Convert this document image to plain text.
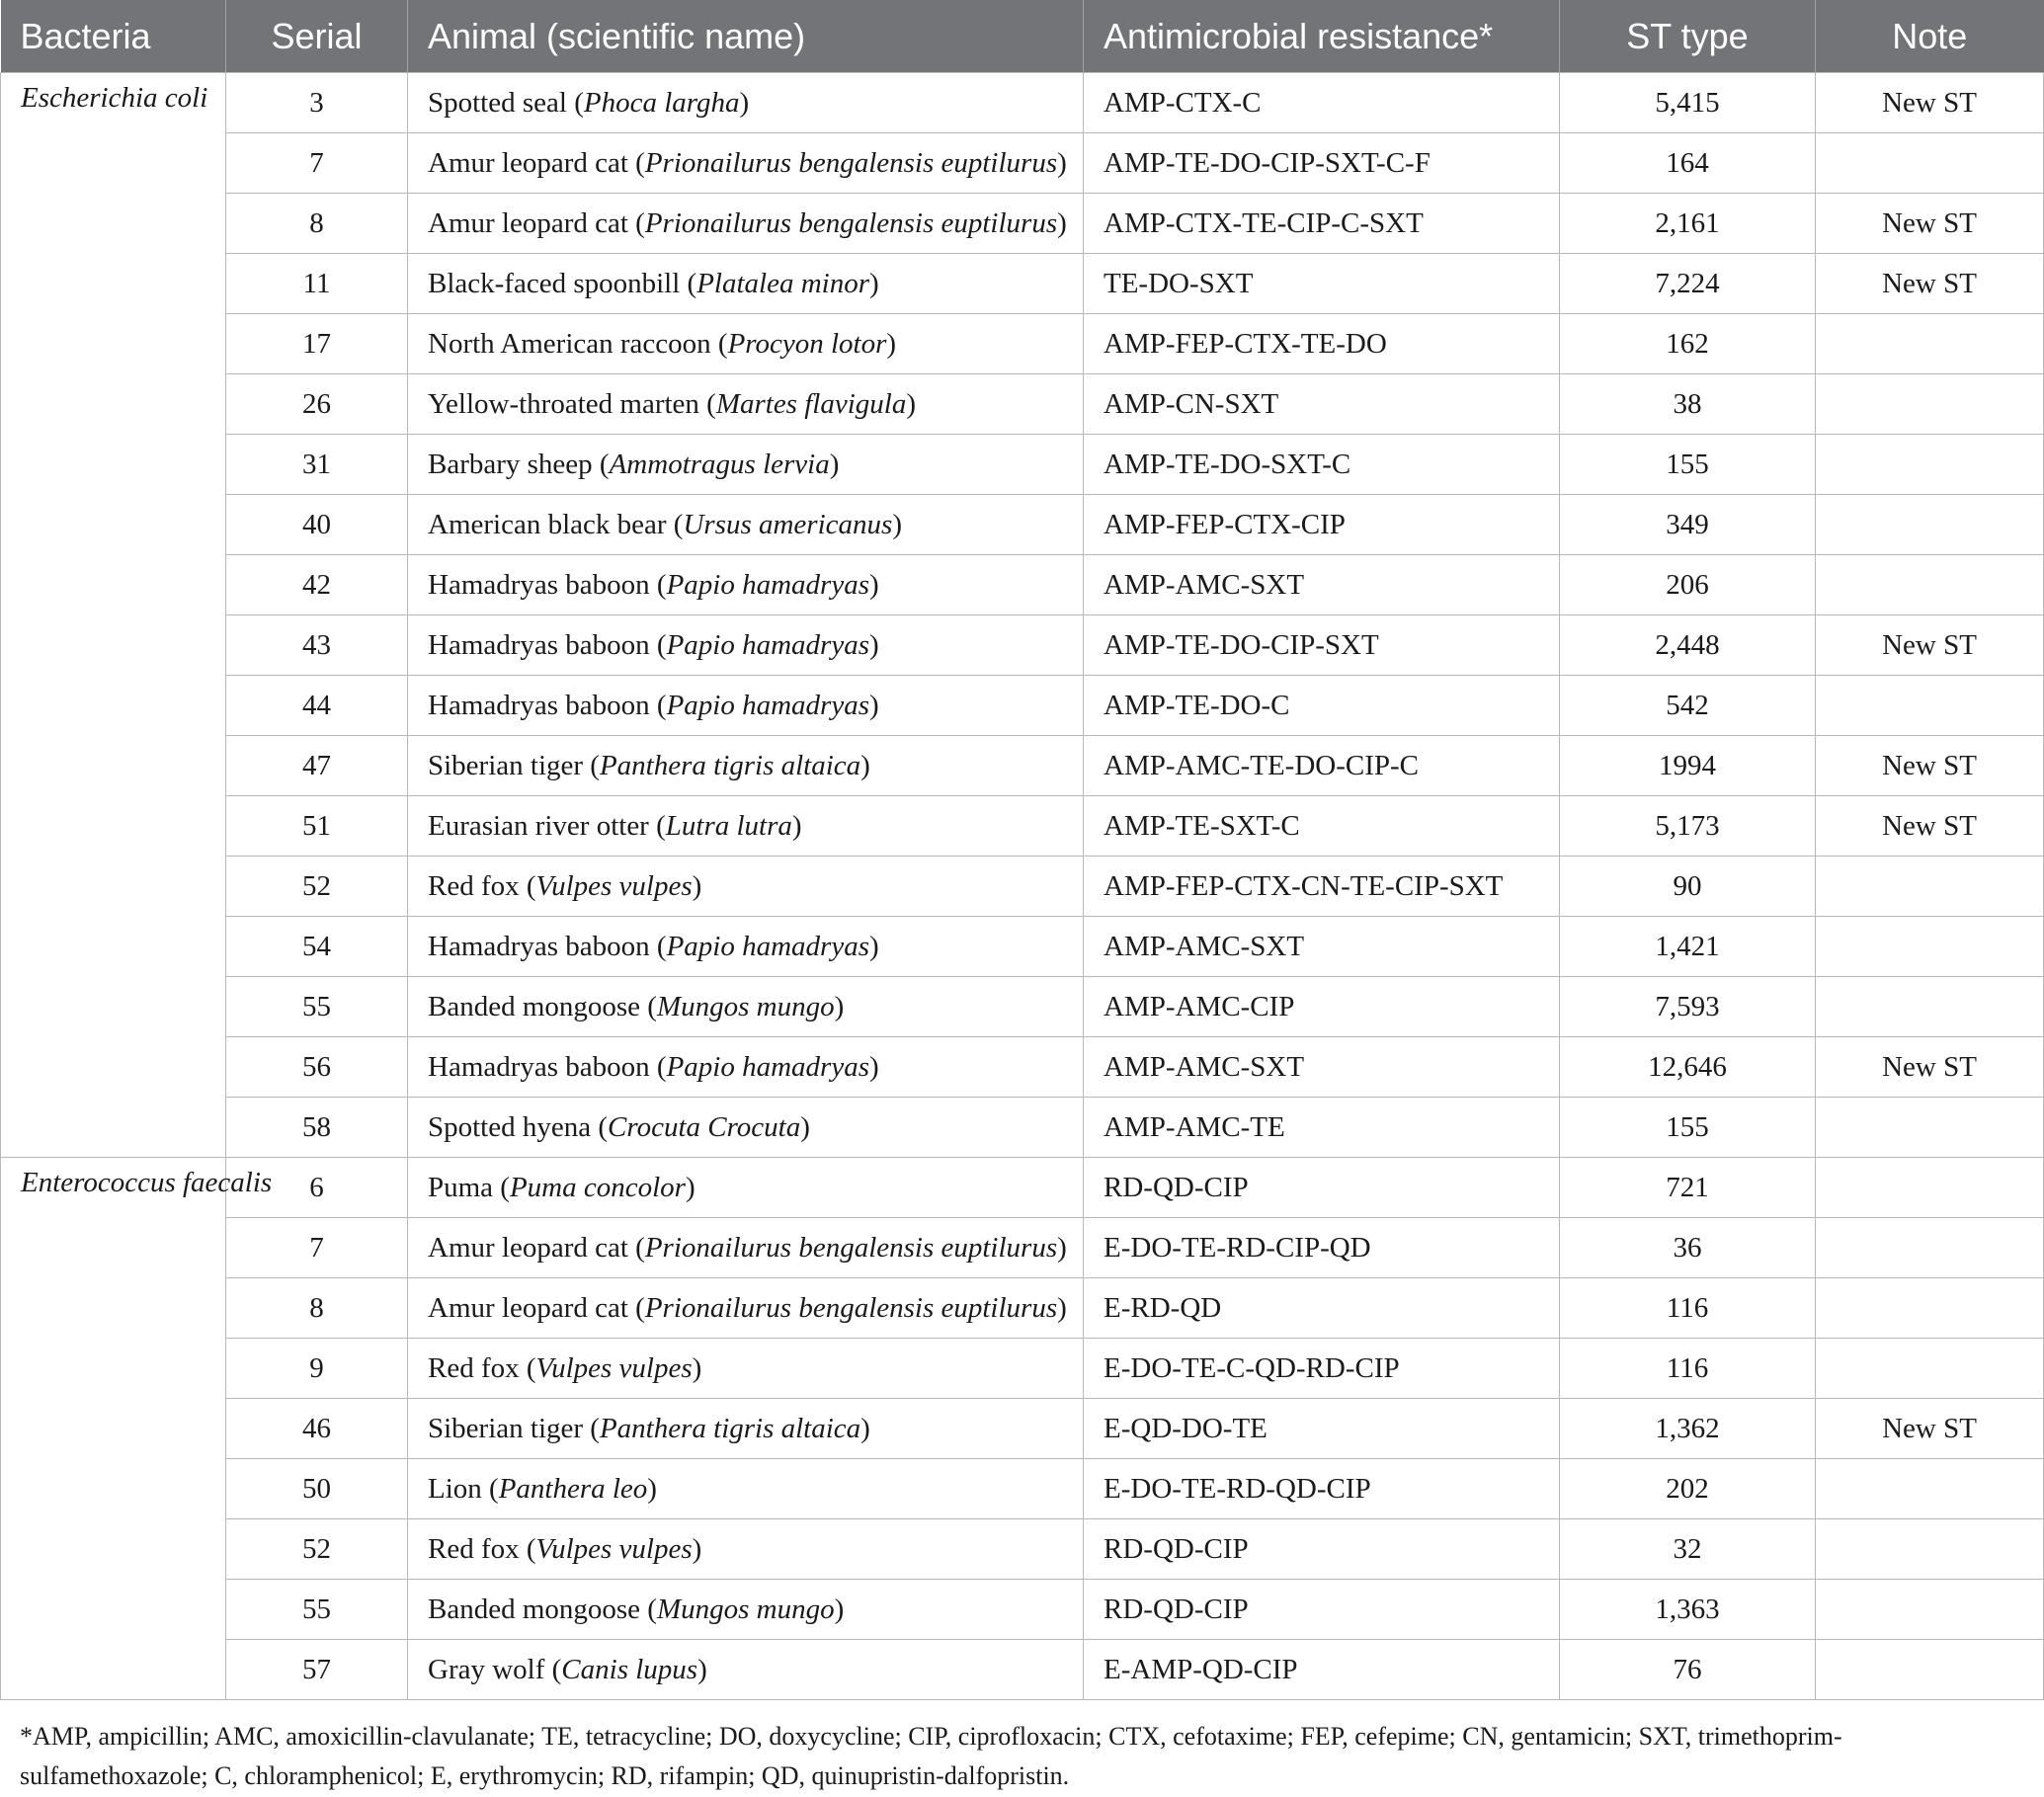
Bacteria	Serial	Animal (scientific name)	Antimicrobial resistance*	ST type	Note
Escherichia coli	3	Spotted seal (Phoca largha)	AMP-CTX-C	5,415	New ST
	7	Amur leopard cat (Prionailurus bengalensis euptilurus)	AMP-TE-DO-CIP-SXT-C-F	164	
	8	Amur leopard cat (Prionailurus bengalensis euptilurus)	AMP-CTX-TE-CIP-C-SXT	2,161	New ST
	11	Black-faced spoonbill (Platalea minor)	TE-DO-SXT	7,224	New ST
	17	North American raccoon (Procyon lotor)	AMP-FEP-CTX-TE-DO	162	
	26	Yellow-throated marten (Martes flavigula)	AMP-CN-SXT	38	
	31	Barbary sheep (Ammotragus lervia)	AMP-TE-DO-SXT-C	155	
	40	American black bear (Ursus americanus)	AMP-FEP-CTX-CIP	349	
	42	Hamadryas baboon (Papio hamadryas)	AMP-AMC-SXT	206	
	43	Hamadryas baboon (Papio hamadryas)	AMP-TE-DO-CIP-SXT	2,448	New ST
	44	Hamadryas baboon (Papio hamadryas)	AMP-TE-DO-C	542	
	47	Siberian tiger (Panthera tigris altaica)	AMP-AMC-TE-DO-CIP-C	1994	New ST
	51	Eurasian river otter (Lutra lutra)	AMP-TE-SXT-C	5,173	New ST
	52	Red fox (Vulpes vulpes)	AMP-FEP-CTX-CN-TE-CIP-SXT	90	
	54	Hamadryas baboon (Papio hamadryas)	AMP-AMC-SXT	1,421	
	55	Banded mongoose (Mungos mungo)	AMP-AMC-CIP	7,593	
	56	Hamadryas baboon (Papio hamadryas)	AMP-AMC-SXT	12,646	New ST
	58	Spotted hyena (Crocuta Crocuta)	AMP-AMC-TE	155	
Enterococcus faecalis	6	Puma (Puma concolor)	RD-QD-CIP	721	
	7	Amur leopard cat (Prionailurus bengalensis euptilurus)	E-DO-TE-RD-CIP-QD	36	
	8	Amur leopard cat (Prionailurus bengalensis euptilurus)	E-RD-QD	116	
	9	Red fox (Vulpes vulpes)	E-DO-TE-C-QD-RD-CIP	116	
	46	Siberian tiger (Panthera tigris altaica)	E-QD-DO-TE	1,362	New ST
	50	Lion (Panthera leo)	E-DO-TE-RD-QD-CIP	202	
	52	Red fox (Vulpes vulpes)	RD-QD-CIP	32	
	55	Banded mongoose (Mungos mungo)	RD-QD-CIP	1,363	
	57	Gray wolf (Canis lupus)	E-AMP-QD-CIP	76	

*AMP, ampicillin; AMC, amoxicillin-clavulanate; TE, tetracycline; DO, doxycycline; CIP, ciprofloxacin; CTX, cefotaxime; FEP, cefepime; CN, gentamicin; SXT, trimethoprim-sulfamethoxazole; C, chloramphenicol; E, erythromycin; RD, rifampin; QD, quinupristin-dalfopristin.
